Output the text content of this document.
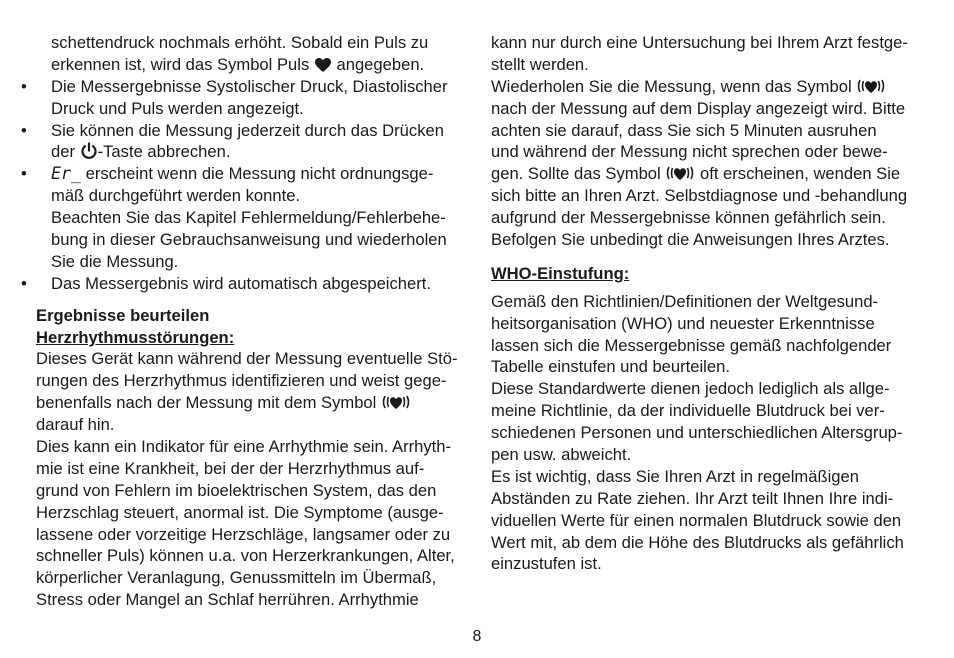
schettendruck nochmals erhöht. Sobald ein Puls zu
erkennen ist, wird das Symbol Puls angegeben.
• Die Messergebnisse Systolischer Druck, Diastolischer
Druck und Puls werden angezeigt.
• Sie können die Messung jederzeit durch das Drücken
der -Taste abbrechen.
• Er_ erscheint wenn die Messung nicht ordnungsge-
mäß durchgeführt werden konnte.
Beachten Sie das Kapitel Fehlermeldung/Fehlerbehe-
bung in dieser Gebrauchsanweisung und wiederholen
Sie die Messung.
• Das Messergebnis wird automatisch abgespeichert.
Ergebnisse beurteilen
Herzrhythmusstörungen:
Dieses Gerät kann während der Messung eventuelle Stö-
rungen des Herzrhythmus identifizieren und weist gege-
benenfalls nach der Messung mit dem Symbol
darauf hin.
Dies kann ein Indikator für eine Arrhythmie sein. Arrhyth-
mie ist eine Krankheit, bei der der Herzrhythmus auf-
grund von Fehlern im bioelektrischen System, das den
Herzschlag steuert, anormal ist. Die Symptome (ausge-
lassene oder vorzeitige Herzschläge, langsamer oder zu
schneller Puls) können u.a. von Herzerkrankungen, Alter,
körperlicher Veranlagung, Genussmitteln im Übermaß,
Stress oder Mangel an Schlaf herrühren. Arrhythmie
kann nur durch eine Untersuchung bei Ihrem Arzt festge-
stellt werden.
Wiederholen Sie die Messung, wenn das Symbol
nach der Messung auf dem Display angezeigt wird. Bitte
achten sie darauf, dass Sie sich 5 Minuten ausruhen
und während der Messung nicht sprechen oder bewe-
gen. Sollte das Symbol oft erscheinen, wenden Sie
sich bitte an Ihren Arzt. Selbstdiagnose und -behandlung
aufgrund der Messergebnisse können gefährlich sein.
Befolgen Sie unbedingt die Anweisungen Ihres Arztes.
WHO-Einstufung:
Gemäß den Richtlinien/Definitionen der Weltgesund-
heitsorganisation (WHO) und neuester Erkenntnisse
lassen sich die Messergebnisse gemäß nachfolgender
Tabelle einstufen und beurteilen.
Diese Standardwerte dienen jedoch lediglich als allge-
meine Richtlinie, da der individuelle Blutdruck bei ver-
schiedenen Personen und unterschiedlichen Altersgrup-
pen usw. abweicht.
Es ist wichtig, dass Sie Ihren Arzt in regelmäßigen
Abständen zu Rate ziehen. Ihr Arzt teilt Ihnen Ihre indi-
viduellen Werte für einen normalen Blutdruck sowie den
Wert mit, ab dem die Höhe des Blutdrucks als gefährlich
einzustufen ist.
8
